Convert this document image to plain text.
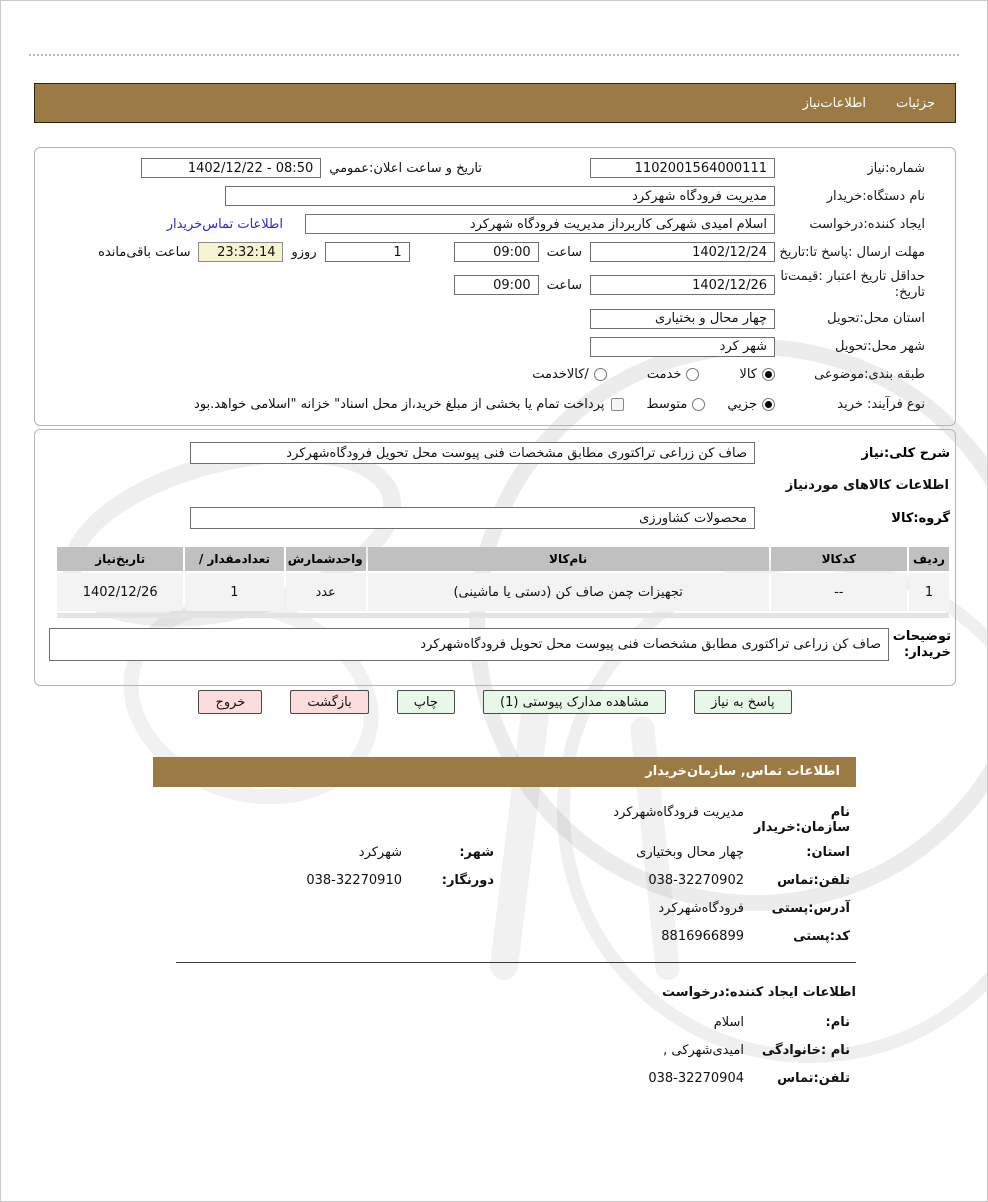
جزئیات
اطلاعات‌نیاز
شماره:نیاز
1102001564000111
تاریخ و ساعت اعلان:عمومي
08:50 - 1402/12/22
نام دستگاه:خریدار
مدیریت فرودگاه شهرکرد
ایجاد کننده:درخواست
اسلام امیدی شهرکی کاربرداز مدیریت فرودگاه شهرکرد
اطلاعات تماس‌خریدار
مهلت ارسال :پاسخ تا:تاریخ
1402/12/24
ساعت
09:00
1
روزو
23:32:14
ساعت باقی‌مانده
حداقل تاریخ اعتبار :قیمت‌تا
تاریخ:
1402/12/26
ساعت
09:00
استان محل:تحویل
چهار محال و بختیاری
شهر محل:تحویل
شهر کرد
طبقه بندی:موضوعی
کالا
خدمت
/کالاخدمت
نوع فرآیند: خرید
جزیي
متوسط
پرداخت تمام یا بخشی از مبلغ خرید،از محل اسناد" خزانه "اسلامی خواهد.بود
شرح کلی:نیاز
صاف کن زراعی تراکتوری مطابق مشخصات فنی پیوست محل تحویل فرودگاه‌شهرکرد
اطلاعات کالاهای موردنیاز
گروه:کالا
محصولات کشاورزی
ردیف	کدکالا	نام‌کالا	واحدشمارش	تعدادمقدار /	تاریخ‌نیاز
1	--	تجهیزات چمن صاف کن (دستی یا ماشینی)	عدد	1	1402/12/26

توضیحات
خریدار:
صاف کن زراعی تراکتوری مطابق مشخصات فنی پیوست محل تحویل فرودگاه‌شهرکرد
پاسخ به نیاز
مشاهده مدارک پیوستی (1)
چاپ
بازگشت
خروج
اطلاعات تماس, سازمان‌خریدار
نام سازمان:خریدار
مدیریت فرودگاه‌شهرکرد
استان:
چهار محال وبختیاری
شهر:
شهرکرد
تلفن:تماس
038-32270902
دورنگار:
038-32270910
آدرس:پستی
فرودگاه‌شهرکرد
کد:پستی
8816966899
اطلاعات ایجاد کننده:درخواست
نام:
اسلام
نام :خانوادگی
امیدی‌شهرکی ,
تلفن:تماس
038-32270904
